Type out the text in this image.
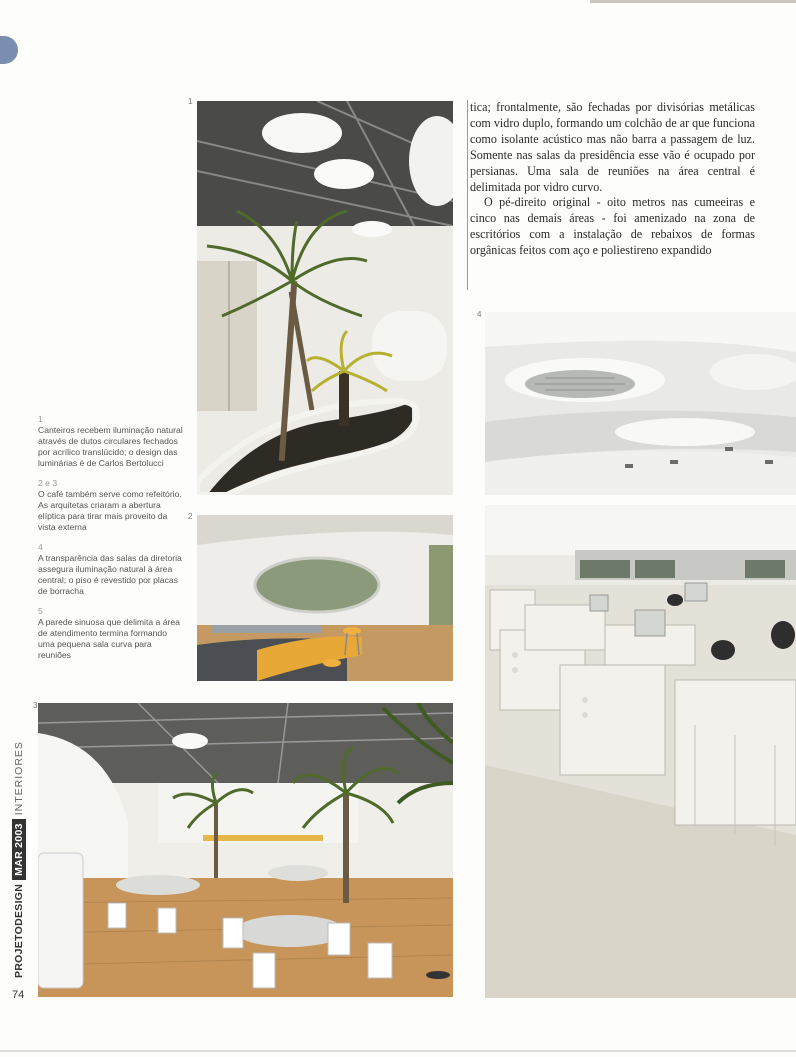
1
2
3
4
1
Canteiros recebem iluminação natural através de dutos circulares fechados por acrílico translúcido; o design das luminárias é de Carlos Bertolucci
2 e 3
O café também serve como refeitório. As arquitetas criaram a abertura elíptica para tirar mais proveito da vista externa
4
A transparência das salas da diretoria assegura iluminação natural à área central; o piso é revestido por placas de borracha
5
A parede sinuosa que delimita a área de atendimento termina formando uma pequena sala curva para reuniões

tica; frontalmente, são fechadas por divisórias metálicas com vidro duplo, formando um colchão de ar que funciona como isolante acústico mas não barra a passagem de luz. Somente nas salas da presidência esse vão é ocupado por persianas. Uma sala de reuniões na área central é delimitada por vidro curvo.

O pé-direito original - oito metros nas cumeeiras e cinco nas demais áreas - foi amenizado na zona de escritórios com a instalação de rebaixos de formas orgânicas feitos com aço e poliestireno expandido

PROJETODESIGN
MAR 2003
INTERIORES
74
